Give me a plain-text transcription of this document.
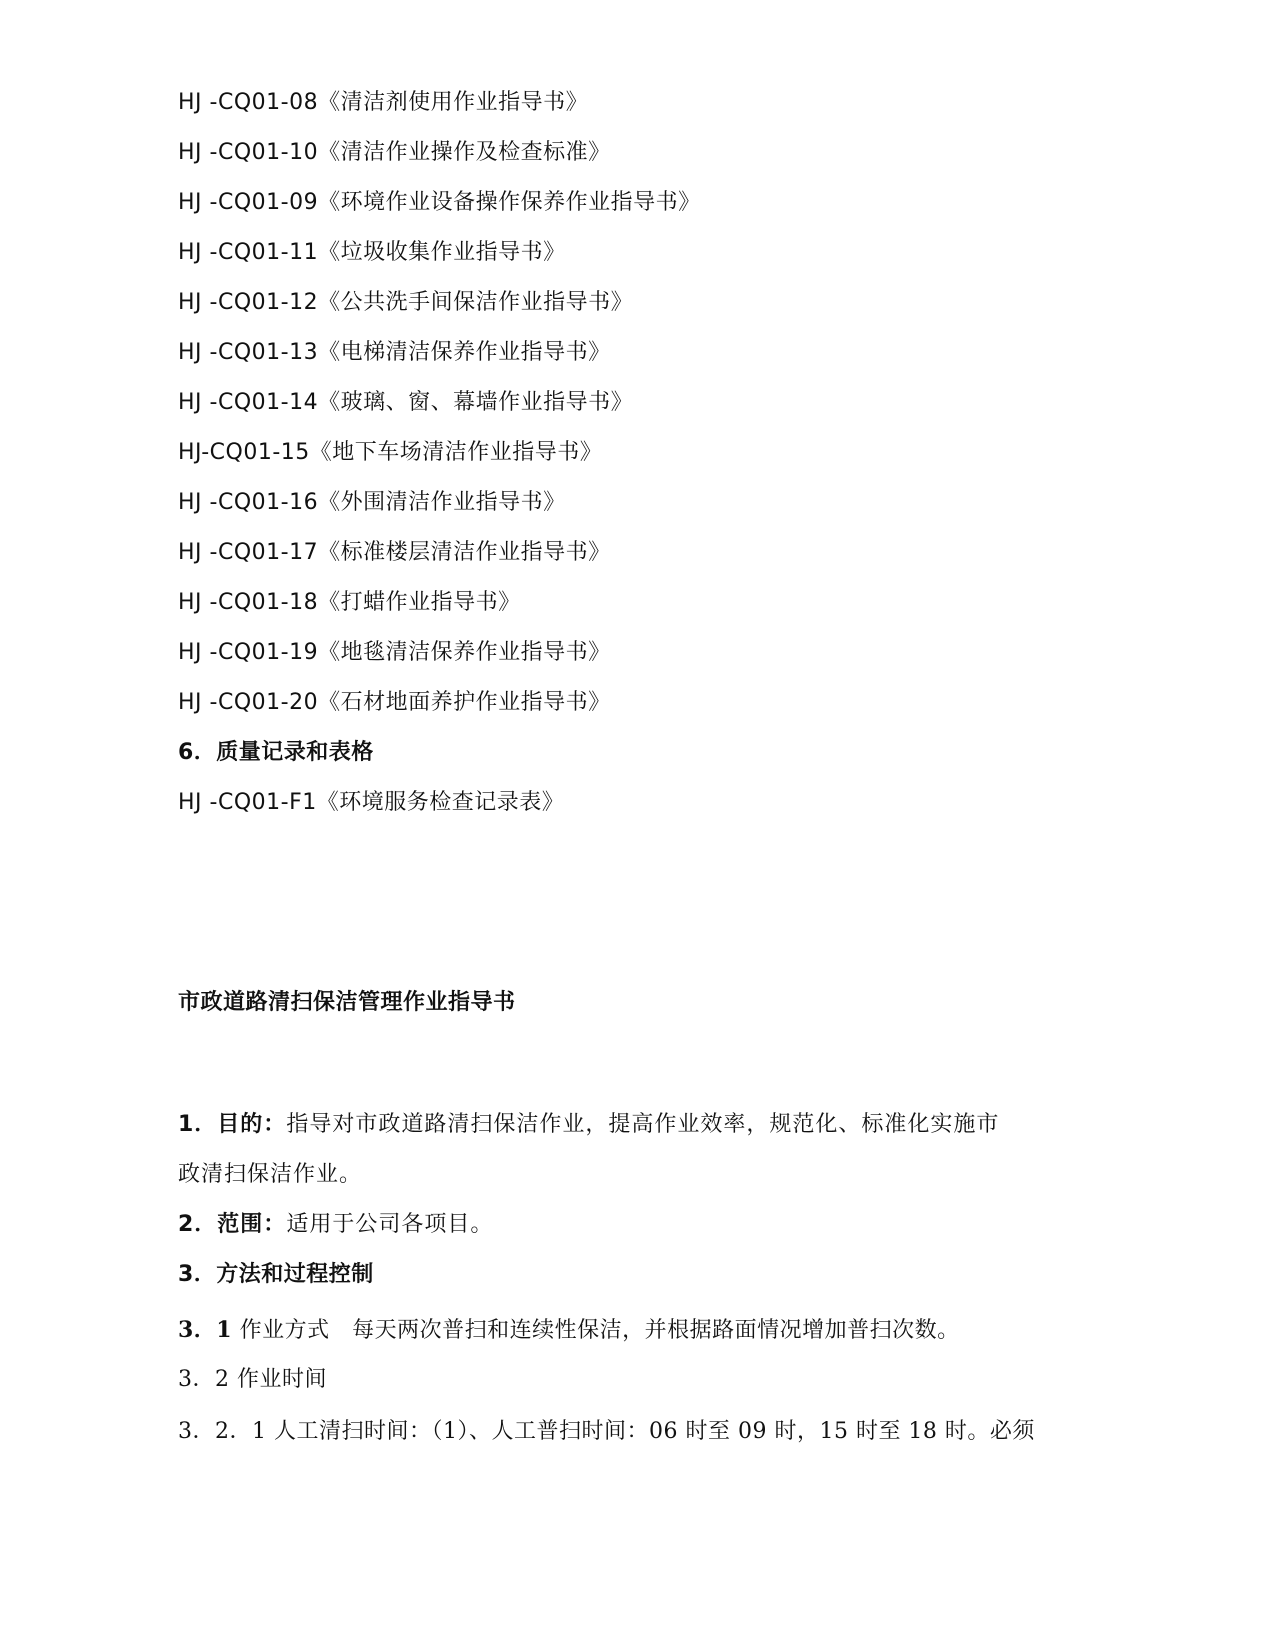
HJ -CQ01-08《清洁剂使用作业指导书》
HJ -CQ01-10《清洁作业操作及检查标准》
HJ -CQ01-09《环境作业设备操作保养作业指导书》
HJ -CQ01-11《垃圾收集作业指导书》
HJ -CQ01-12《公共洗手间保洁作业指导书》
HJ -CQ01-13《电梯清洁保养作业指导书》
HJ -CQ01-14《玻璃、窗、幕墙作业指导书》
HJ-CQ01-15《地下车场清洁作业指导书》
HJ -CQ01-16《外围清洁作业指导书》
HJ -CQ01-17《标准楼层清洁作业指导书》
HJ -CQ01-18《打蜡作业指导书》
HJ -CQ01-19《地毯清洁保养作业指导书》
HJ -CQ01-20《石材地面养护作业指导书》
6．质量记录和表格
HJ -CQ01-F1《环境服务检查记录表》
市政道路清扫保洁管理作业指导书
1．目的：指导对市政道路清扫保洁作业，提高作业效率，规范化、标准化实施市
政清扫保洁作业。
2．范围：适用于公司各项目。
3．方法和过程控制
3．1 作业方式　每天两次普扫和连续性保洁，并根据路面情况增加普扫次数。
3．2 作业时间
3．2．1 人工清扫时间：（1）、人工普扫时间：06 时至 09 时，15 时至 18 时。必须
